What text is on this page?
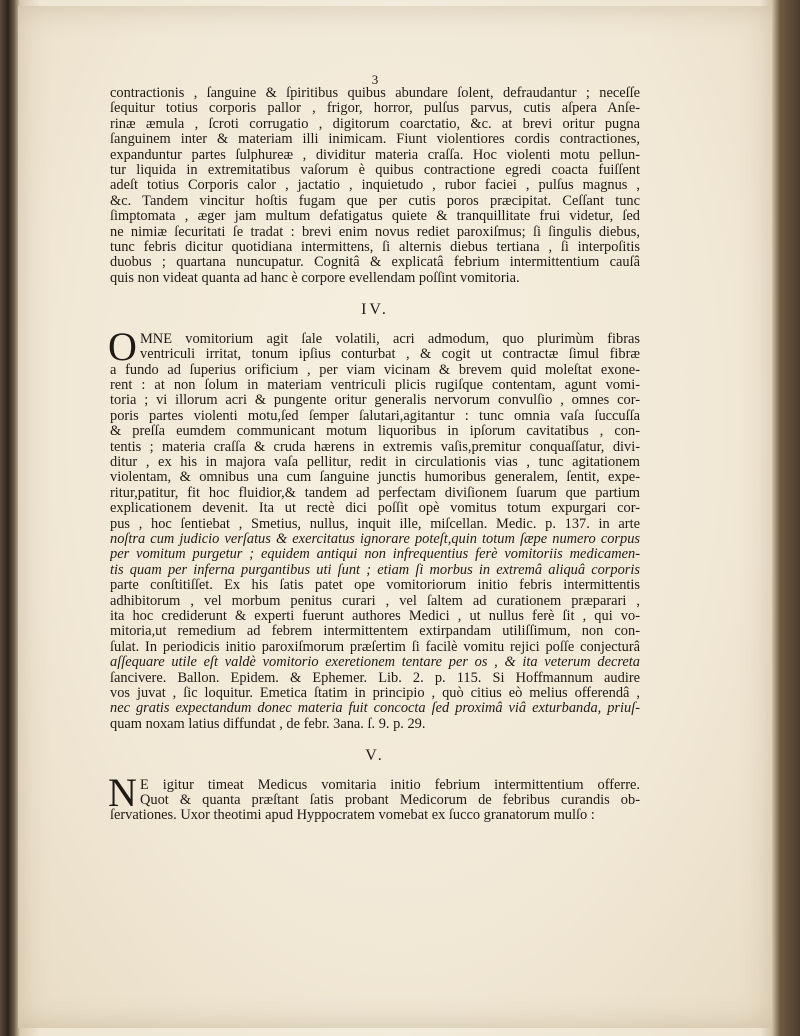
3
contractionis , ſanguine & ſpiritibus quibus abundare ſolent, defraudantur ; neceſſe
ſequitur totius corporis pallor , frigor, horror, pulſus parvus, cutis aſpera Anſe-
rinæ æmula , ſcroti corrugatio , digitorum coarctatio, &c. at brevi oritur pugna
ſanguinem inter & materiam illi inimicam. Fiunt violentiores cordis contractiones,
expanduntur partes ſulphureæ , dividitur materia craſſa. Hoc violenti motu pellun-
tur liquida in extremitatibus vaſorum è quibus contractione egredi coacta fuiſſent
adeſt totius Corporis calor , jactatio , inquietudo , rubor faciei , pulſus magnus ,
&c. Tandem vincitur hoſtis fugam que per cutis poros præcipitat. Ceſſant tunc
ſimptomata , æger jam multum defatigatus quiete & tranquillitate frui videtur, ſed
ne nimiæ ſecuritati ſe tradat : brevi enim novus rediet paroxiſmus; ſi ſingulis diebus,
tunc febris dicitur quotidiana intermittens, ſi alternis diebus tertiana , ſi interpoſitis
duobus ; quartana nuncupatur. Cognitâ & explicatâ febrium intermittentium cauſâ
quis non videat quanta ad hanc è corpore evellendam poſſint vomitoria.
IV.
O MNE vomitorium agit ſale volatili, acri admodum, quo plurimùm fibras
ventriculi irritat, tonum ipſius conturbat , & cogit ut contractæ ſimul fibræ
a fundo ad ſuperius orificium , per viam vicinam & brevem quid moleſtat exone-
rent : at non ſolum in materiam ventriculi plicis rugiſque contentam, agunt vomi-
toria ; vi illorum acri & pungente oritur generalis nervorum convulſio , omnes cor-
poris partes violenti motu,ſed ſemper ſalutari,agitantur : tunc omnia vaſa ſuccuſſa
& preſſa eumdem communicant motum liquoribus in ipſorum cavitatibus , con-
tentis ; materia craſſa & cruda hærens in extremis vaſis,premitur conquaſſatur, divi-
ditur , ex his in majora vaſa pellitur, redit in circulationis vias , tunc agitationem
violentam, & omnibus una cum ſanguine junctis humoribus generalem, ſentit, expe-
ritur,patitur, fit hoc fluidior,& tandem ad perfectam diviſionem ſuarum que partium
explicationem devenit. Ita ut rectè dici poſſit opè vomitus totum expurgari cor-
pus , hoc ſentiebat , Smetius, nullus, inquit ille, miſcellan. Medic. p. 137. in arte
noſtra cum judicio verſatus & exercitatus ignorare poteſt,quin totum ſæpe numero corpus
per vomitum purgetur ; equidem antiqui non infrequentius ferè vomitoriis medicamen-
tis quam per inferna purgantibus uti ſunt ; etiam ſi morbus in extremâ aliquâ corporis
parte conſtitiſſet. Ex his ſatis patet ope vomitoriorum initio febris intermittentis
adhibitorum , vel morbum penitus curari , vel ſaltem ad curationem præparari ,
ita hoc crediderunt & experti fuerunt authores Medici , ut nullus ferè ſit , qui vo-
mitoria,ut remedium ad febrem intermittentem extirpandam utiliſſimum, non con-
ſulat. In periodicis initio paroxiſmorum præſertim ſi facilè vomitu rejici poſſe conjecturâ
aſſequare utile eſt valdè vomitorio exeretionem tentare per os , & ita veterum decreta
ſancivere. Ballon. Epidem. & Ephemer. Lib. 2. p. 115. Si Hoffmannum audire
vos juvat , ſic loquitur. Emetica ſtatim in principio , quò citius eò melius offerendâ ,
nec gratis expectandum donec materia fuit concocta ſed proximâ viâ exturbanda, priuſ-
quam noxam latius diffundat , de febr. 3ana. ſ. 9. p. 29.
V.
N E igitur timeat Medicus vomitaria initio febrium intermittentium offerre.
Quot & quanta præſtant ſatis probant Medicorum de febribus curandis ob-
ſervationes. Uxor theotimi apud Hyppocratem vomebat ex ſucco granatorum mulſo :
